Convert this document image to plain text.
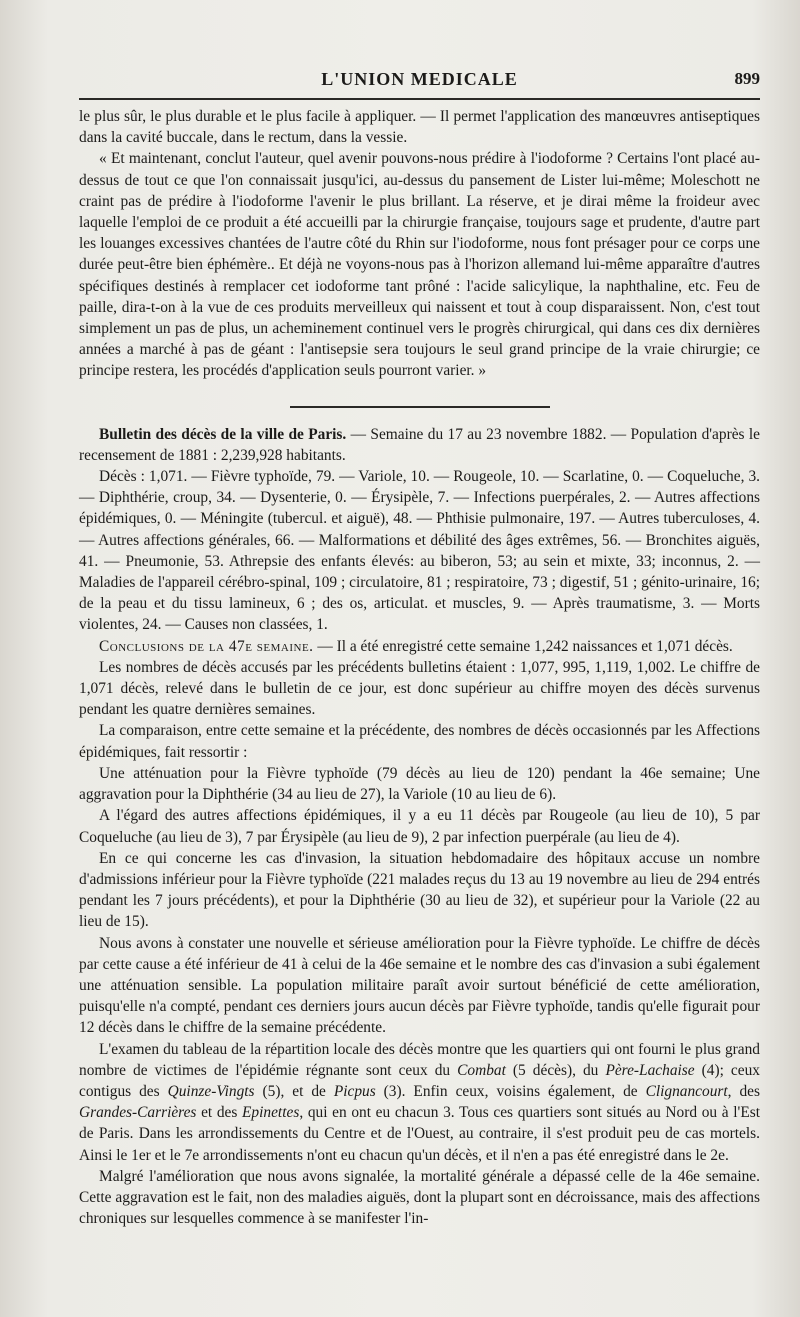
L'UNION MEDICALE	899

le plus sûr, le plus durable et le plus facile à appliquer. — Il permet l'application des manœuvres antiseptiques dans la cavité buccale, dans le rectum, dans la vessie.

« Et maintenant, conclut l'auteur, quel avenir pouvons-nous prédire à l'iodoforme ? Certains l'ont placé au-dessus de tout ce que l'on connaissait jusqu'ici, au-dessus du pansement de Lister lui-même; Moleschott ne craint pas de prédire à l'iodoforme l'avenir le plus brillant. La réserve, et je dirai même la froideur avec laquelle l'emploi de ce produit a été accueilli par la chirurgie française, toujours sage et prudente, d'autre part les louanges excessives chantées de l'autre côté du Rhin sur l'iodoforme, nous font présager pour ce corps une durée peut-être bien éphémère.. Et déjà ne voyons-nous pas à l'horizon allemand lui-même apparaître d'autres spécifiques destinés à remplacer cet iodoforme tant prôné : l'acide salicylique, la naphthaline, etc. Feu de paille, dira-t-on à la vue de ces produits merveilleux qui naissent et tout à coup disparaissent. Non, c'est tout simplement un pas de plus, un acheminement continuel vers le progrès chirurgical, qui dans ces dix dernières années a marché à pas de géant : l'antisepsie sera toujours le seul grand principe de la vraie chirurgie; ce principe restera, les procédés d'application seuls pourront varier. »

Bulletin des décès de la ville de Paris. — Semaine du 17 au 23 novembre 1882. — Population d'après le recensement de 1881 : 2,239,928 habitants.

Décès : 1,071. — Fièvre typhoïde, 79. — Variole, 10. — Rougeole, 10. — Scarlatine, 0. — Coqueluche, 3. — Diphthérie, croup, 34. — Dysenterie, 0. — Érysipèle, 7. — Infections puerpérales, 2. — Autres affections épidémiques, 0. — Méningite (tubercul. et aiguë), 48. — Phthisie pulmonaire, 197. — Autres tuberculoses, 4. — Autres affections générales, 66. — Malformations et débilité des âges extrêmes, 56. — Bronchites aiguës, 41. — Pneumonie, 53. Athrepsie des enfants élevés: au biberon, 53; au sein et mixte, 33; inconnus, 2. — Maladies de l'appareil cérébro-spinal, 109 ; circulatoire, 81 ; respiratoire, 73 ; digestif, 51 ; génito-urinaire, 16; de la peau et du tissu lamineux, 6 ; des os, articulat. et muscles, 9. — Après traumatisme, 3. — Morts violentes, 24. — Causes non classées, 1.

Conclusions de la 47e semaine. — Il a été enregistré cette semaine 1,242 naissances et 1,071 décès.

Les nombres de décès accusés par les précédents bulletins étaient : 1,077, 995, 1,119, 1,002. Le chiffre de 1,071 décès, relevé dans le bulletin de ce jour, est donc supérieur au chiffre moyen des décès survenus pendant les quatre dernières semaines.

La comparaison, entre cette semaine et la précédente, des nombres de décès occasionnés par les Affections épidémiques, fait ressortir :

Une atténuation pour la Fièvre typhoïde (79 décès au lieu de 120) pendant la 46e semaine; Une aggravation pour la Diphthérie (34 au lieu de 27), la Variole (10 au lieu de 6).

A l'égard des autres affections épidémiques, il y a eu 11 décès par Rougeole (au lieu de 10), 5 par Coqueluche (au lieu de 3), 7 par Érysipèle (au lieu de 9), 2 par infection puerpérale (au lieu de 4).

En ce qui concerne les cas d'invasion, la situation hebdomadaire des hôpitaux accuse un nombre d'admissions inférieur pour la Fièvre typhoïde (221 malades reçus du 13 au 19 novembre au lieu de 294 entrés pendant les 7 jours précédents), et pour la Diphthérie (30 au lieu de 32), et supérieur pour la Variole (22 au lieu de 15).

Nous avons à constater une nouvelle et sérieuse amélioration pour la Fièvre typhoïde. Le chiffre de décès par cette cause a été inférieur de 41 à celui de la 46e semaine et le nombre des cas d'invasion a subi également une atténuation sensible. La population militaire paraît avoir surtout bénéficié de cette amélioration, puisqu'elle n'a compté, pendant ces derniers jours aucun décès par Fièvre typhoïde, tandis qu'elle figurait pour 12 décès dans le chiffre de la semaine précédente.

L'examen du tableau de la répartition locale des décès montre que les quartiers qui ont fourni le plus grand nombre de victimes de l'épidémie régnante sont ceux du Combat (5 décès), du Père-Lachaise (4); ceux contigus des Quinze-Vingts (5), et de Picpus (3). Enfin ceux, voisins également, de Clignancourt, des Grandes-Carrières et des Epinettes, qui en ont eu chacun 3. Tous ces quartiers sont situés au Nord ou à l'Est de Paris. Dans les arrondissements du Centre et de l'Ouest, au contraire, il s'est produit peu de cas mortels. Ainsi le 1er et le 7e arrondissements n'ont eu chacun qu'un décès, et il n'en a pas été enregistré dans le 2e.

Malgré l'amélioration que nous avons signalée, la mortalité générale a dépassé celle de la 46e semaine. Cette aggravation est le fait, non des maladies aiguës, dont la plupart sont en décroissance, mais des affections chroniques sur lesquelles commence à se manifester l'in-
